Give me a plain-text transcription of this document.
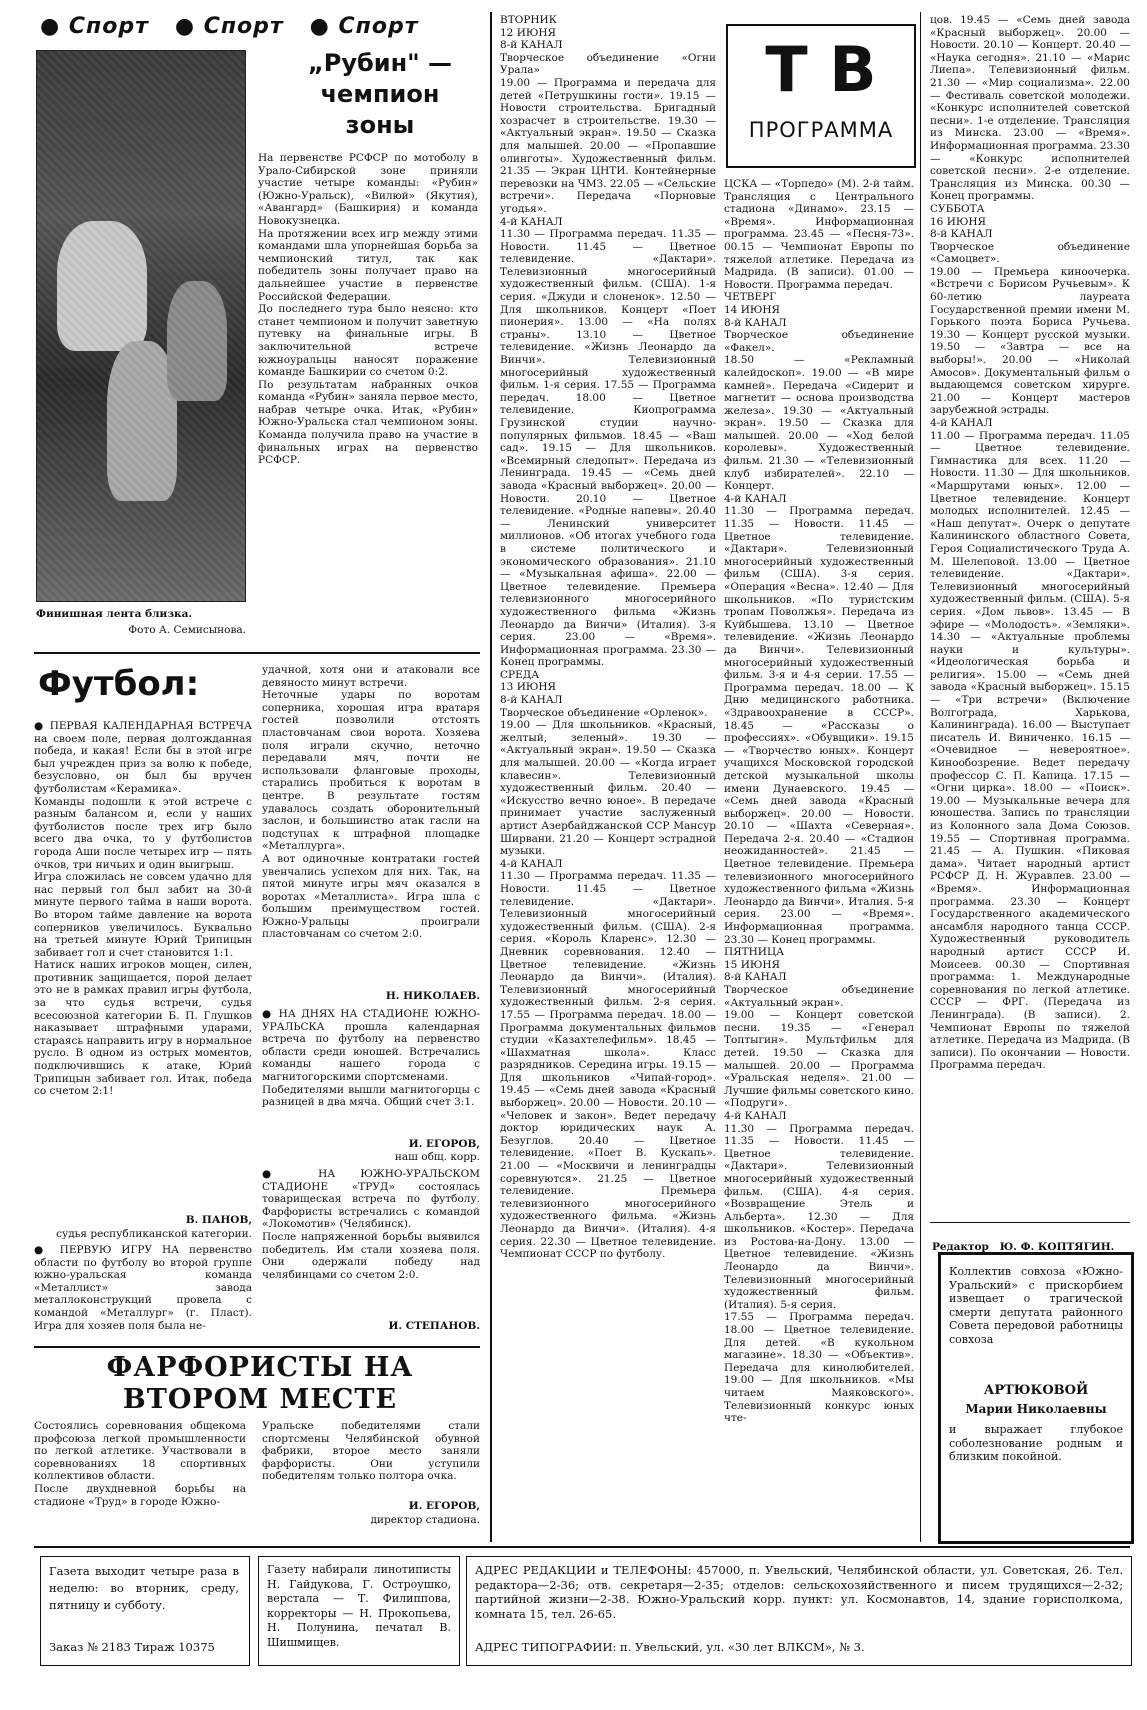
● Спорт ● Спорт ● Спорт
Финишная лента близка.
Фото А. Семисынова.
„Рубин" — чемпион зоны
На первенстве РСФСР по мотоболу в Урало-Сибирской зоне приняли участие четыре команды: «Рубин» (Южно-Уральск), «Вилюй» (Якутия), «Авангард» (Башкирия) и команда Новокузнецка.
На протяжении всех игр между этими командами шла упорнейшая борьба за чемпионский титул, так как победитель зоны получает право на дальнейшее участие в первенстве Российской Федерации.
До последнего тура было неясно: кто станет чемпионом и получит заветную путевку на финальные игры. В заключительной встрече южноуральцы наносят поражение команде Башкирии со счетом 0:2.
По результатам набранных очков команда «Рубин» заняла первое место, набрав четыре очка. Итак, «Рубин» Южно-Уральска стал чемпионом зоны. Команда получила право на участие в финальных играх на первенство РСФСР.
Футбол:
● ПЕРВАЯ КАЛЕНДАРНАЯ ВСТРЕЧА на своем поле, первая долгожданная победа, и какая! Если бы в этой игре был учрежден приз за волю к победе, безусловно, он был бы вручен футболистам «Керамика».
Команды подошли к этой встрече с разным балансом и, если у наших футболистов после трех игр было всего два очка, то у футболистов города Аши после четырех игр — пять очков, три ничьих и один выигрыш.
Игра сложилась не совсем удачно для нас первый гол был забит на 30-й минуте первого тайма в наши ворота. Во втором тайме давление на ворота соперников увеличилось. Буквально на третьей минуте Юрий Трипицын забивает гол и счет становится 1:1.
Натиск наших игроков мощен, силен, противник защищается, порой делает это не в рамках правил игры футбола, за что судья встречи, судья всесоюзной категории Б. П. Глушков наказывает штрафными ударами, стараясь направить игру в нормальное русло. В одном из острых моментов, подключившись к атаке, Юрий Трипицын забивает гол. Итак, победа со счетом 2:1!
В. ПАНОВ,
судья республиканской категории.
● ПЕРВУЮ ИГРУ НА первенство области по футболу во второй группе южно-уральская команда «Металлист» завода металлоконструкций провела с командой «Металлург» (г. Пласт). Игра для хозяев поля была не-
удачной, хотя они и атаковали все девяносто минут встречи.
Неточные удары по воротам соперника, хорошая игра вратаря гостей позволили отстоять пластовчанам свои ворота. Хозяева поля играли скучно, неточно передавали мяч, почти не использовали фланговые проходы, старались пробиться к воротам в центре. В результате гостям удавалось создать оборонительный заслон, и большинство атак гасли на подступах к штрафной площадке «Металлурга».
А вот одиночные контратаки гостей увенчались успехом для них. Так, на пятой минуте игры мяч оказался в воротах «Металлиста». Игра шла с большим преимуществом гостей. Южно-Уральцы проиграли пластовчанам со счетом 2:0.
Н. НИКОЛАЕВ.
● НА ДНЯХ НА СТАДИОНЕ ЮЖНО-УРАЛЬСКА прошла календарная встреча по футболу на первенство области среди юношей. Встречались команды нашего города с магнитогорскими спортсменами.
Победителями вышли магнитогорцы с разницей в два мяча. Общий счет 3:1.
И. ЕГОРОВ,
наш общ. корр.
● НА ЮЖНО-УРАЛЬСКОМ СТАДИОНЕ «ТРУД» состоялась товарищеская встреча по футболу. Фарфористы встречались с командой «Локомотив» (Челябинск).
После напряженной борьбы выявился победитель. Им стали хозяева поля. Они одержали победу над челябинцами со счетом 2:0.
И. СТЕПАНОВ.
ФАРФОРИСТЫ НА ВТОРОМ МЕСТЕ
Состоялись соревнования общекома профсоюза легкой промышленности по легкой атлетике. Участвовали в соревнованиях 18 спортивных коллективов области.
После двухдневной борьбы на стадионе «Труд» в городе Южно-
Уральске победителями стали спортсмены Челябинской обувной фабрики, второе место заняли фарфористы. Они уступили победителям только полтора очка.
И. ЕГОРОВ,
директор стадиона.
ВТОРНИК
12 ИЮНЯ
8-й КАНАЛ
Творческое объединение «Огни Урала»
19.00 — Программа и передача для детей «Петрушкины гости». 19.15 — Новости строительства. Бригадный хозрасчет в строительстве. 19.30 — «Актуальный экран». 19.50 — Сказка для малышей. 20.00 — «Пропавшие олинготы». Художественный фильм. 21.35 — Экран ЦНТИ. Контейнерные перевозки на ЧМЗ. 22.05 — «Сельские встречи». Передача «Порновые угодья».
4-й КАНАЛ
11.30 — Программа передач. 11.35 — Новости. 11.45 — Цветное телевидение. «Дактари». Телевизионный многосерийный художественный фильм. (США). 1-я серия. «Джуди и слоненок». 12.50 — Для школьников. Концерт «Поет пионерия». 13.00 — «На полях страны». 13.10 — Цветное телевидение. «Жизнь Леонардо да Винчи». Телевизионный многосерийный художественный фильм. 1-я серия. 17.55 — Программа передач. 18.00 — Цветное телевидение. Киопрограмма Грузинской студии научно-популярных фильмов. 18.45 — «Ваш сад». 19.15 — Для школьников. «Всемирный следопыт». Передача из Ленинграда. 19.45 — «Семь дней завода «Красный выборжец». 20.00 — Новости. 20.10 — Цветное телевидение. «Родные напевы». 20.40 — Ленинский университет миллионов. «Об итогах учебного года в системе политического и экономического образования». 21.10 — «Музыкальная афиша». 22.00 — Цветное телевидение. Премьера телевизионного многосерийного художественного фильма «Жизнь Леонардо да Винчи» (Италия). 3-я серия. 23.00 — «Время». Информационная программа. 23.30 — Конец программы.
СРЕДА
13 ИЮНЯ
8-й КАНАЛ
Творческое объединение «Орленок».
19.00 — Для школьников. «Красный, желтый, зеленый». 19.30 — «Актуальный экран». 19.50 — Сказка для малышей. 20.00 — «Когда играет клавесин». Телевизионный художественный фильм. 20.40 — «Искусство вечно юное». В передаче принимает участие заслуженный артист Азербайджанской ССР Мансур Ширвани. 21.20 — Концерт эстрадной музыки.
4-й КАНАЛ
11.30 — Программа передач. 11.35 — Новости. 11.45 — Цветное телевидение. «Дактари». Телевизионный многосерийный художественный фильм. (США). 2-я серия. «Король Кларенс». 12.30 — Дневник соревнования. 12.40 — Цветное телевидение. «Жизнь Леонардо да Винчи». (Италия). Телевизионный многосерийный художественный фильм. 2-я серия. 17.55 — Программа передач. 18.00 — Программа документальных фильмов студии «Казахтелефильм». 18.45 — «Шахматная школа». Класс разрядников. Середина игры. 19.15 — Для школьников «Чипай-город». 19.45 — «Семь дней завода «Красный выборжец». 20.00 — Новости. 20.10 — «Человек и закон». Ведет передачу доктор юридических наук А. Безуглов. 20.40 — Цветное телевидение. «Поет В. Кускапь». 21.00 — «Москвичи и ленинградцы соревнуются». 21.25 — Цветное телевидение. Премьера телевизионного многосерийного художественного фильма. «Жизнь Леонардо да Винчи». (Италия). 4-я серия. 22.30 — Цветное телевидение. Чемпионат СССР по футболу.
Т В
ПРОГРАММА
ЦСКА — «Торпедо» (М). 2-й тайм. Трансляция с Центрального стадиона «Динамо». 23.15 — «Время». Информационная программа. 23.45 — «Песня-73». 00.15 — Чемпионат Европы по тяжелой атлетике. Передача из Мадрида. (В записи). 01.00 — Новости. Программа передач.
ЧЕТВЕРГ
14 ИЮНЯ
8-й КАНАЛ
Творческое объединение «Факел».
18.50 — «Рекламный калейдоскоп». 19.00 — «В мире камней». Передача «Сидерит и магнетит — основа производства железа». 19.30 — «Актуальный экран». 19.50 — Сказка для малышей. 20.00 — «Ход белой королевы». Художественный фильм. 21.30 — «Телевизионный клуб избирателей». 22.10 — Концерт.
4-й КАНАЛ
11.30 — Программа передач. 11.35 — Новости. 11.45 — Цветное телевидение. «Дактари». Телевизионный многосерийный художественный фильм (США). 3-я серия. «Операция «Весна». 12.40 — Для школьников. «По туристским тропам Поволжья». Передача из Куйбышева. 13.10 — Цветное телевидение. «Жизнь Леонардо да Винчи». Телевизионный многосерийный художественный фильм. 3-я и 4-я серии. 17.55 — Программа передач. 18.00 — К Дню медицинского работника. «Здравоохранение в СССР». 18.45 — «Рассказы о профессиях». «Обувщики». 19.15 — «Творчество юных». Концерт учащихся Московской городской детской музыкальной школы имени Дунаевского. 19.45 — «Семь дней завода «Красный выборжец». 20.00 — Новости. 20.10 — «Шахта «Северная». Передача 2-я. 20.40 — «Стадион неожиданностей». 21.45 — Цветное телевидение. Премьера телевизионного многосерийного художественного фильма «Жизнь Леонардо да Винчи». Италия. 5-я серия. 23.00 — «Время». Информационная программа. 23.30 — Конец программы.
ПЯТНИЦА
15 ИЮНЯ
8-й КАНАЛ
Творческое объединение «Актуальный экран».
19.00 — Концерт советской песни. 19.35 — «Генерал Топтыгин». Мультфильм для детей. 19.50 — Сказка для малышей. 20.00 — Программа «Уральская неделя». 21.00 — Лучшие фильмы советского кино. «Подруги».
4-й КАНАЛ
11.30 — Программа передач. 11.35 — Новости. 11.45 — Цветное телевидение. «Дактари». Телевизионный многосерийный художественный фильм. (США). 4-я серия. «Возвращение Этель и Альберта». 12.30 — Для школьников. «Костер». Передача из Ростова-на-Дону. 13.00 — Цветное телевидение. «Жизнь Леонардо да Винчи». Телевизионный многосерийный художественный фильм. (Италия). 5-я серия.
17.55 — Программа передач. 18.00 — Цветное телевидение. Для детей. «В кукольном магазине». 18.30 — «Объектив». Передача для кинолюбителей. 19.00 — Для школьников. «Мы читаем Маяковского». Телевизионный конкурс юных чте-
цов. 19.45 — «Семь дней завода «Красный выборжец». 20.00 — Новости. 20.10 — Концерт. 20.40 — «Наука сегодня». 21.10 — «Марис Лиепа». Телевизионный фильм. 21.30 — «Мир социализма». 22.00 — Фестиваль советской молодежи. «Конкурс исполнителей советской песни». 1-е отделение. Трансляция из Минска. 23.00 — «Время». Информационная программа. 23.30 — «Конкурс исполнителей советской песни». 2-е отделение. Трансляция из Минска. 00.30 — Конец программы.
СУББОТА
16 ИЮНЯ
8-й КАНАЛ
Творческое объединение «Самоцвет».
19.00 — Премьера киноочерка. «Встречи с Борисом Ручьевым». К 60-летию лауреата Государственной премии имени М. Горького поэта Бориса Ручьева. 19.30 — Концерт русской музыки. 19.50 — «Завтра — все на выборы!». 20.00 — «Николай Амосов». Документальный фильм о выдающемся советском хирурге. 21.00 — Концерт мастеров зарубежной эстрады.
4-й КАНАЛ
11.00 — Программа передач. 11.05 — Цветное телевидение. Гимнастика для всех. 11.20 — Новости. 11.30 — Для школьников. «Маршрутами юных». 12.00 — Цветное телевидение. Концерт молодых исполнителей. 12.45 — «Наш депутат». Очерк о депутате Калининского областного Совета, Героя Социалистического Труда А. М. Шелеповой. 13.00 — Цветное телевидение. «Дактари». Телевизионный многосерийный художественный фильм. (США). 5-я серия. «Дом львов». 13.45 — В эфире — «Молодость». «Земляки». 14.30 — «Актуальные проблемы науки и культуры». «Идеологическая борьба и религия». 15.00 — «Семь дней завода «Красный выборжец». 15.15 — «Три встречи» (Включение Волгограда, Харькова, Калининграда). 16.00 — Выступает писатель И. Виниченко. 16.15 — «Очевидное — невероятное». Кинообозрение. Ведет передачу профессор С. П. Капица. 17.15 — «Огни цирка». 18.00 — «Поиск». 19.00 — Музыкальные вечера для юношества. Запись по трансляции из Колонного зала Дома Союзов. 19.55 — Спортивная программа. 21.45 — А. Пушкин. «Пиковая дама». Читает народный артист РСФСР Д. Н. Журавлев. 23.00 — «Время». Информационная программа. 23.30 — Концерт Государственного академического ансамбля народного танца СССР. Художественный руководитель народный артист СССР И. Моисеев. 00.30 — Спортивная программа: 1. Международные соревнования по легкой атлетике. СССР — ФРГ. (Передача из Ленинграда). (В записи). 2. Чемпионат Европы по тяжелой атлетике. Передача из Мадрида. (В записи). По окончании — Новости. Программа передач.

Редактор Ю. Ф. КОПТЯГИН.

Коллектив совхоза «Южно-Уральский» с прискорбием извещает о трагической смерти депутата районного Совета передовой работницы совхоза
АРТЮКОВОЙ
Марии Николаевны
и выражает глубокое соболезнование родным и близким покойной.
Газета выходит четыре раза в неделю: во вторник, среду, пятницу и субботу.
Заказ № 2183 Тираж 10375
Газету набирали линотиписты Н. Гайдукова, Г. Остроушко, верстала — Т. Филиппова, корректоры — Н. Прокопьева, Н. Полунина, печатал В. Шишмищев.
АДРЕС РЕДАКЦИИ и ТЕЛЕФОНЫ: 457000, п. Увельский, Челябинской области, ул. Советская, 26. Тел. редактора—2-36; отв. секретаря—2-35; отделов: сельскохозяйственного и писем трудящихся—2-32; партийной жизни—2-38. Южно-Уральский корр. пункт: ул. Космонавтов, 14, здание горисполкома, комната 15, тел. 26-65.
АДРЕС ТИПОГРАФИИ: п. Увельский, ул. «30 лет ВЛКСМ», № 3.
